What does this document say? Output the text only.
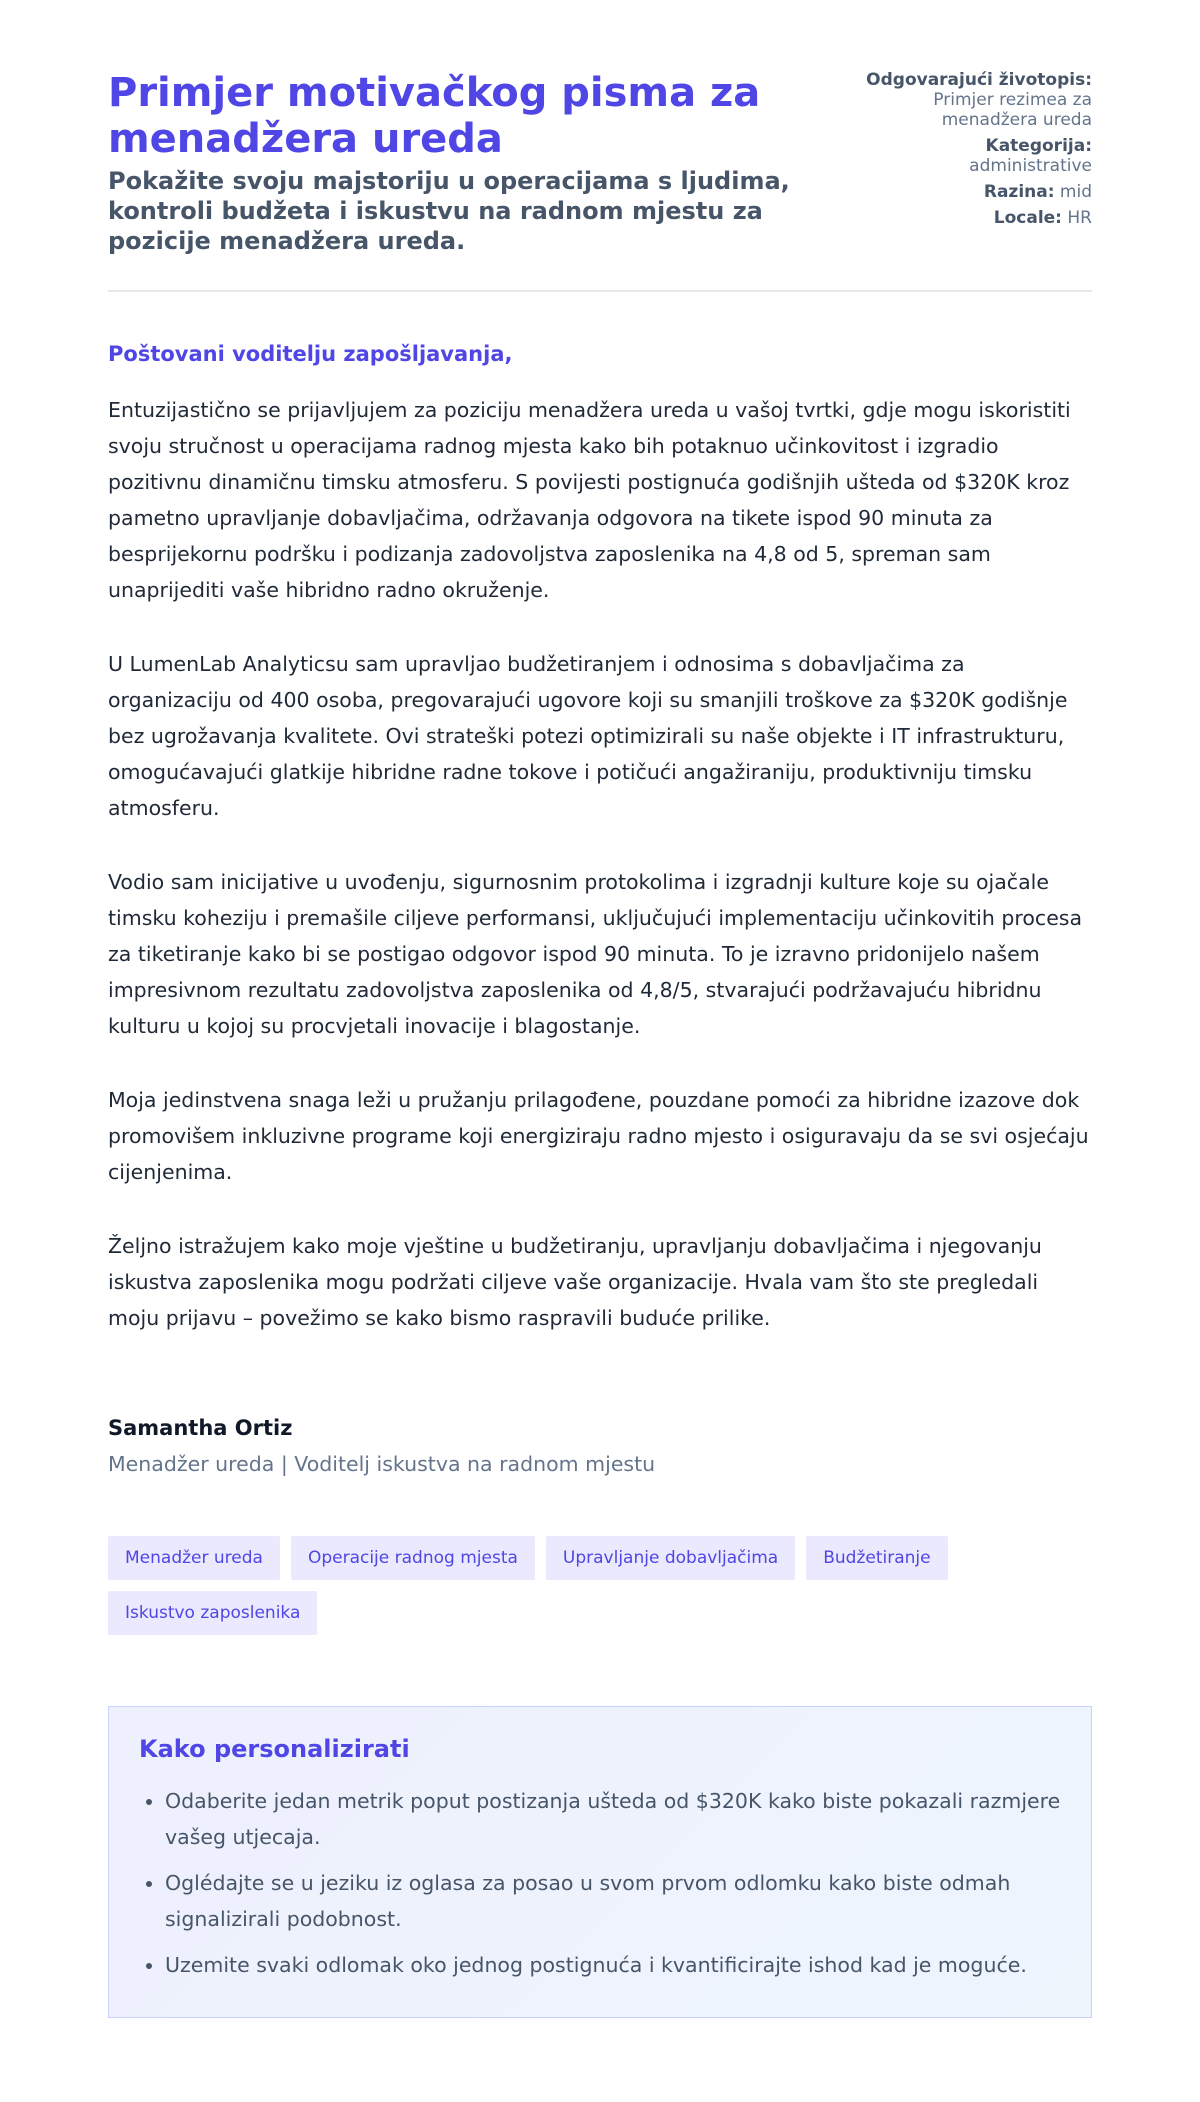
Primjer motivačkog pisma za menadžera ureda

Pokažite svoju majstoriju u operacijama s ljudima, kontroli budžeta i iskustvu na radnom mjestu za pozicije menadžera ureda.

Odgovarajući životopis: Primjer rezimea za menadžera ureda
Kategorija: administrative
Razina: mid
Locale: HR
Poštovani voditelju zapošljavanja,

Entuzijastično se prijavljujem za poziciju menadžera ureda u vašoj tvrtki, gdje mogu iskoristiti svoju stručnost u operacijama radnog mjesta kako bih potaknuo učinkovitost i izgradio pozitivnu dinamičnu timsku atmosferu. S povijesti postignuća godišnjih ušteda od $320K kroz pametno upravljanje dobavljačima, održavanja odgovora na tikete ispod 90 minuta za besprijekornu podršku i podizanja zadovoljstva zaposlenika na 4,8 od 5, spreman sam unaprijediti vaše hibridno radno okruženje.

U LumenLab Analyticsu sam upravljao budžetiranjem i odnosima s dobavljačima za organizaciju od 400 osoba, pregovarajući ugovore koji su smanjili troškove za $320K godišnje bez ugrožavanja kvalitete. Ovi strateški potezi optimizirali su naše objekte i IT infrastrukturu, omogućavajući glatkije hibridne radne tokove i potičući angažiraniju, produktivniju timsku atmosferu.

Vodio sam inicijative u uvođenju, sigurnosnim protokolima i izgradnji kulture koje su ojačale timsku koheziju i premašile ciljeve performansi, uključujući implementaciju učinkovitih procesa za tiketiranje kako bi se postigao odgovor ispod 90 minuta. To je izravno pridonijelo našem impresivnom rezultatu zadovoljstva zaposlenika od 4,8/5, stvarajući podržavajuću hibridnu kulturu u kojoj su procvjetali inovacije i blagostanje.

Moja jedinstvena snaga leži u pružanju prilagođene, pouzdane pomoći za hibridne izazove dok promovišem inkluzivne programe koji energiziraju radno mjesto i osiguravaju da se svi osjećaju cijenjenima.

Željno istražujem kako moje vještine u budžetiranju, upravljanju dobavljačima i njegovanju iskustva zaposlenika mogu podržati ciljeve vaše organizacije. Hvala vam što ste pregledali moju prijavu – povežimo se kako bismo raspravili buduće prilike.

Samantha Ortiz
Menadžer ureda | Voditelj iskustva na radnom mjestu
Menadžer ureda	Operacije radnog mjesta	Upravljanje dobavljačima	Budžetiranje
Iskustvo zaposlenika
Kako personalizirati
• Odaberite jedan metrik poput postizanja ušteda od $320K kako biste pokazali razmjere vašeg utjecaja.
• Oglédajte se u jeziku iz oglasa za posao u svom prvom odlomku kako biste odmah signalizirali podobnost.
• Uzemite svaki odlomak oko jednog postignuća i kvantificirajte ishod kad je moguće.
